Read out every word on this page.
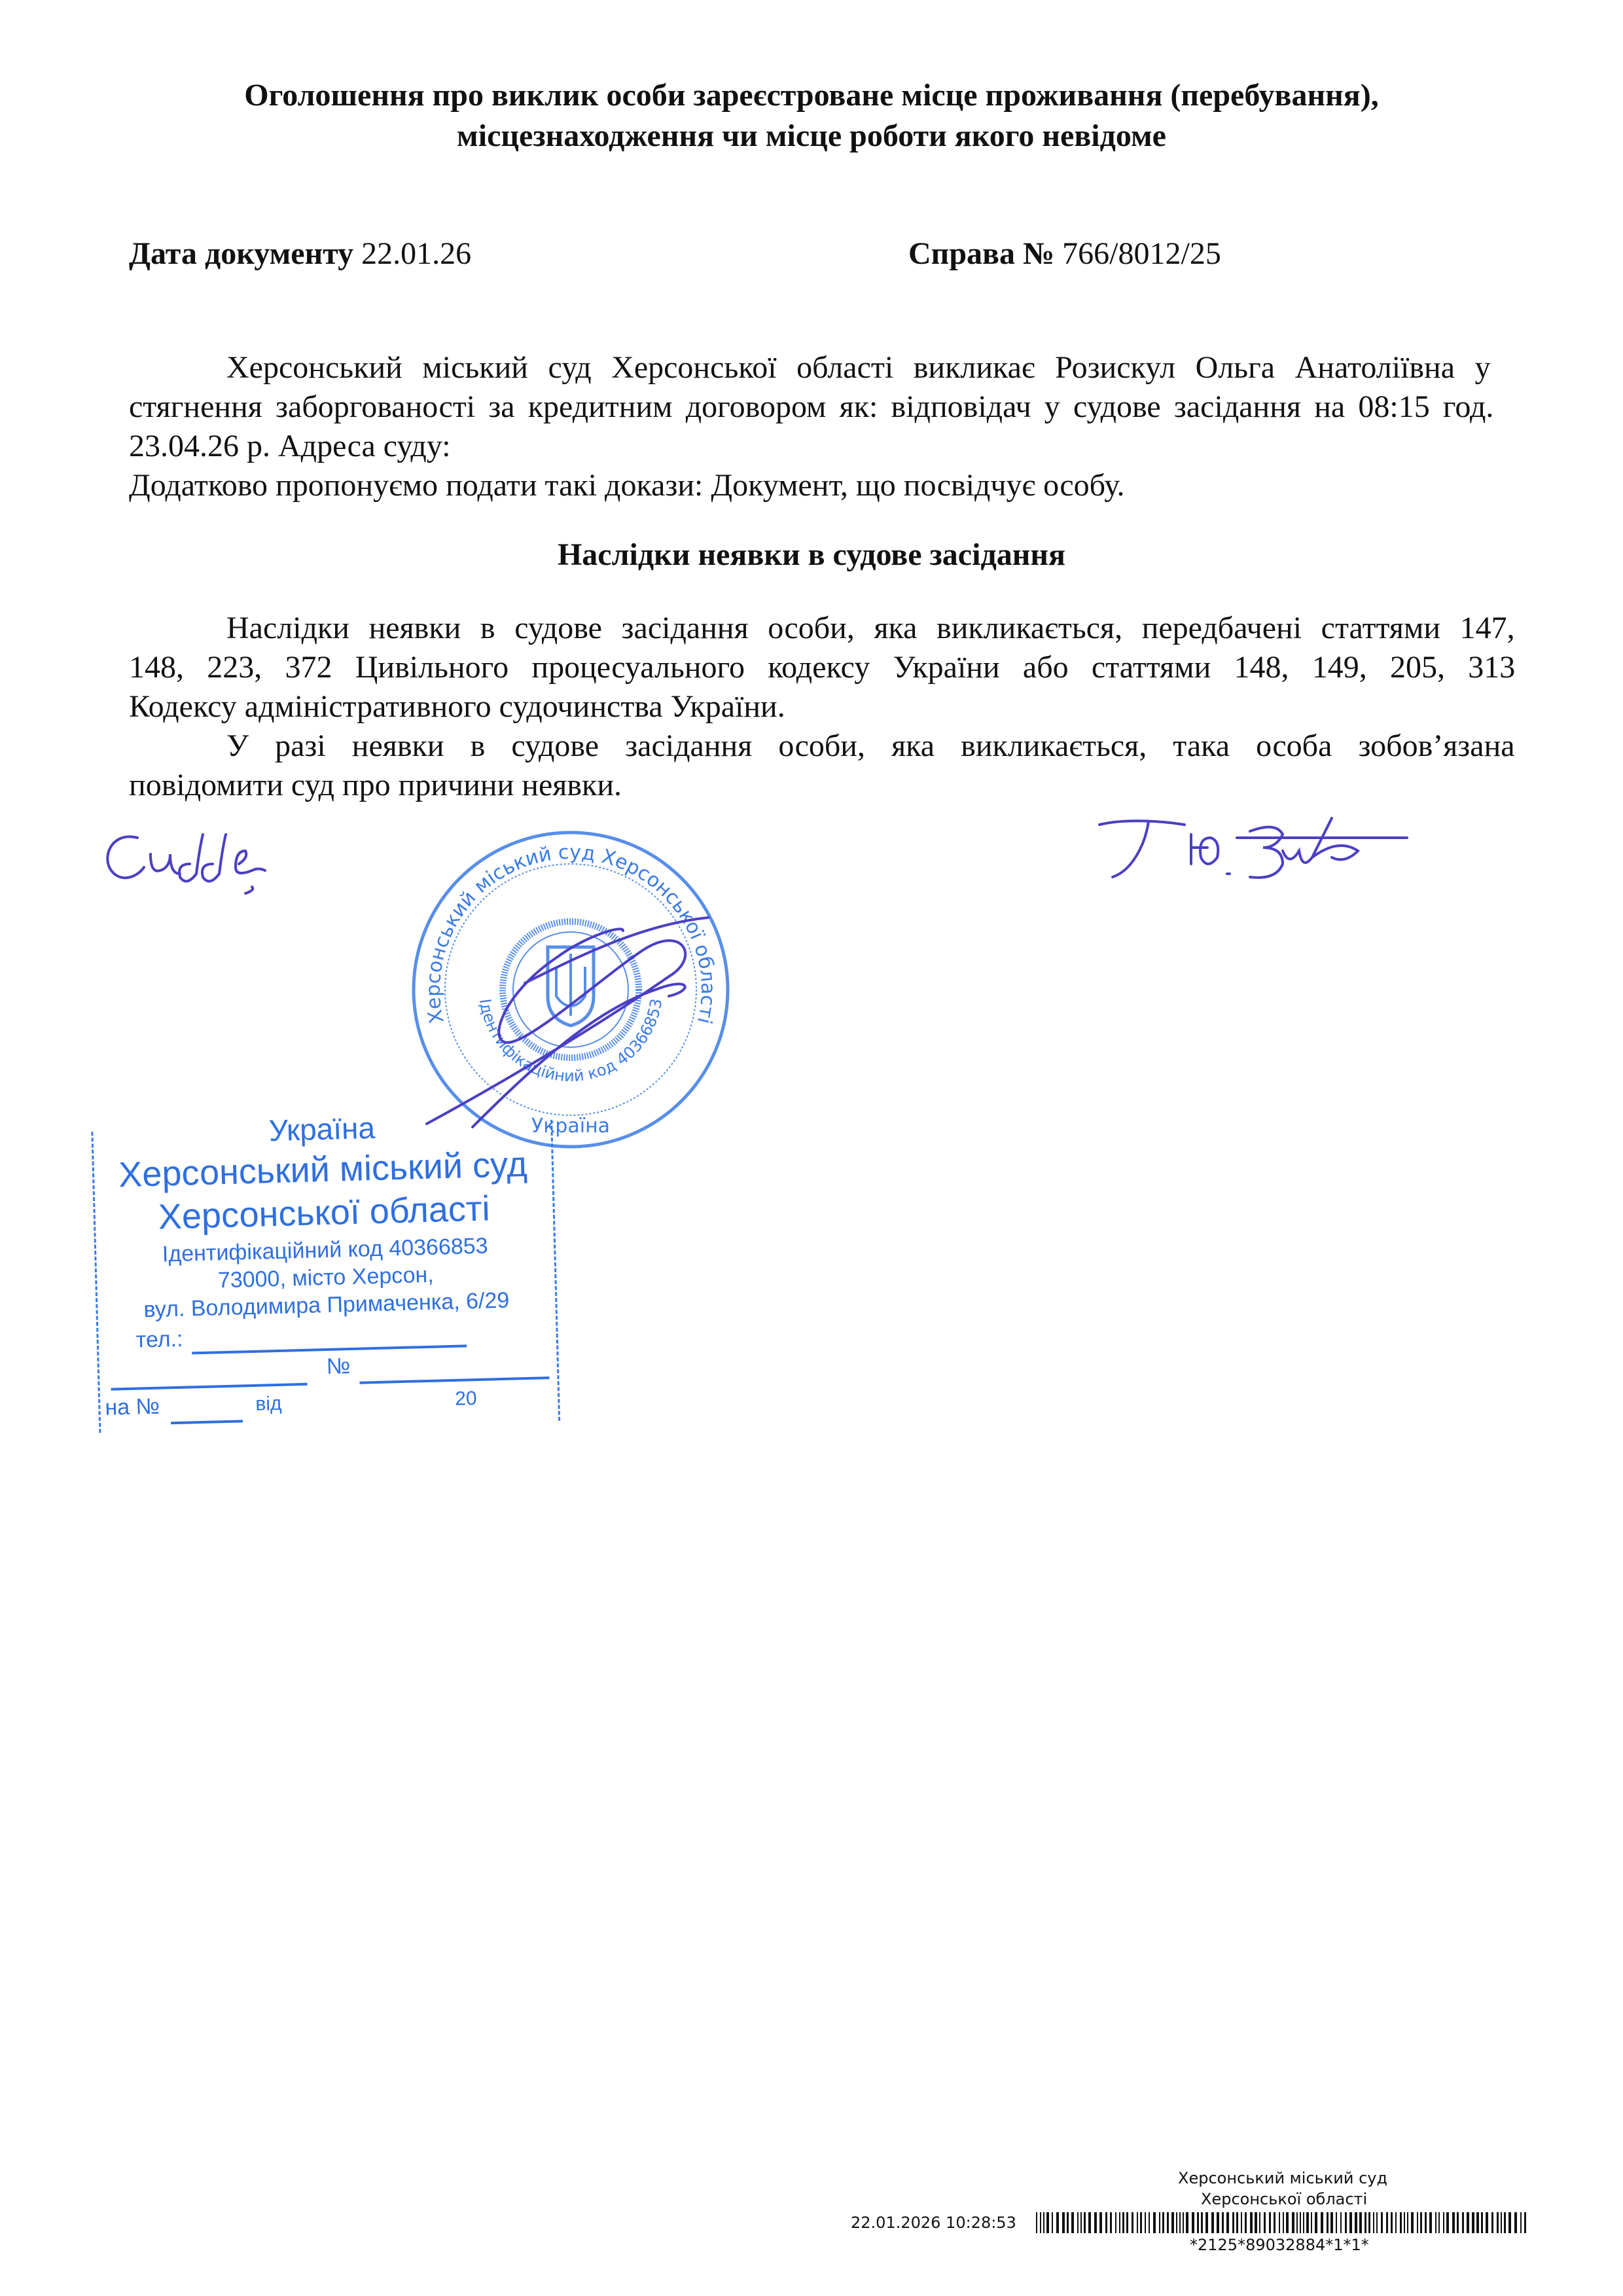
Оголошення про виклик особи зареєстроване місце проживання (перебування),
місцезнаходження чи місце роботи якого невідоме
Дата документу 22.01.26	Справа № 766/8012/25
Херсонський міський суд Херсонської області викликає Розискул Ольга Анатоліївна у
стягнення заборгованості за кредитним договором як: відповідач у судове засідання на 08:15 год.
23.04.26 р. Адреса суду:
Додатково пропонуємо подати такі докази: Документ, що посвідчує особу.
Наслідки неявки в судове засідання
Наслідки неявки в судове засідання особи, яка викликається, передбачені статтями 147,
148, 223, 372 Цивільного процесуального кодексу України або статтями 148, 149, 205, 313
Кодексу адміністративного судочинства України.
У разі неявки в судове засідання особи, яка викликається, така особа зобов’язана
повідомити суд про причини неявки.
Херсонський міський суд Херсонської області
Ідентифікаційний код 40366853
Україна
Україна
Херсонський міський суд
Херсонської області
Ідентифікаційний код 40366853
73000, місто Херсон,
вул. Володимира Примаченка, 6/29
тел.:
№
на №	від	20
Херсонський міський суд
Херсонської області
22.01.2026 10:28:53
*2125*89032884*1*1*
